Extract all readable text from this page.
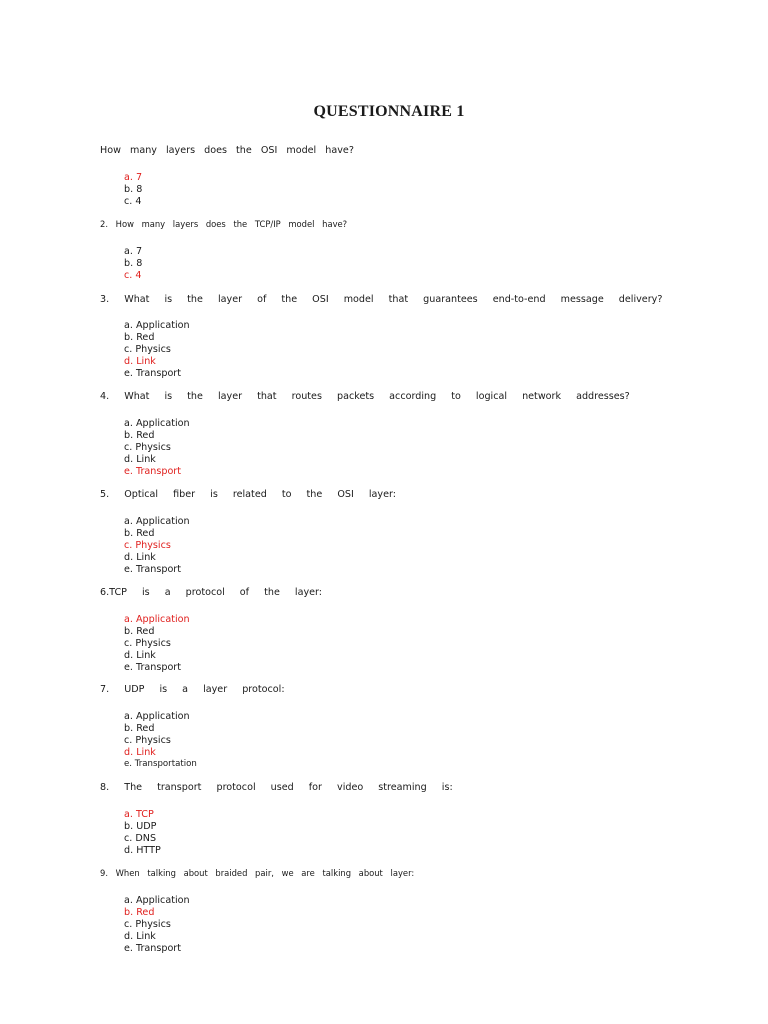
QUESTIONNAIRE 1

How many layers does the OSI model have?

a. 7
b. 8
c. 4

2. How many layers does the TCP/IP model have?

a. 7
b. 8
c. 4

3. What is the layer of the OSI model that guarantees end-to-end message delivery?

a. Application
b. Red
c. Physics
d. Link
e. Transport

4. What is the layer that routes packets according to logical network addresses?

a. Application
b. Red
c. Physics
d. Link
e. Transport

5. Optical fiber is related to the OSI layer:

a. Application
b. Red
c. Physics
d. Link
e. Transport

6.TCP is a protocol of the layer:

a. Application
b. Red
c. Physics
d. Link
e. Transport

7. UDP is a layer protocol:

a. Application
b. Red
c. Physics
d. Link
e. Transportation

8. The transport protocol used for video streaming is:

a. TCP
b. UDP
c. DNS
d. HTTP

9. When talking about braided pair, we are talking about layer:

a. Application
b. Red
c. Physics
d. Link
e. Transport
